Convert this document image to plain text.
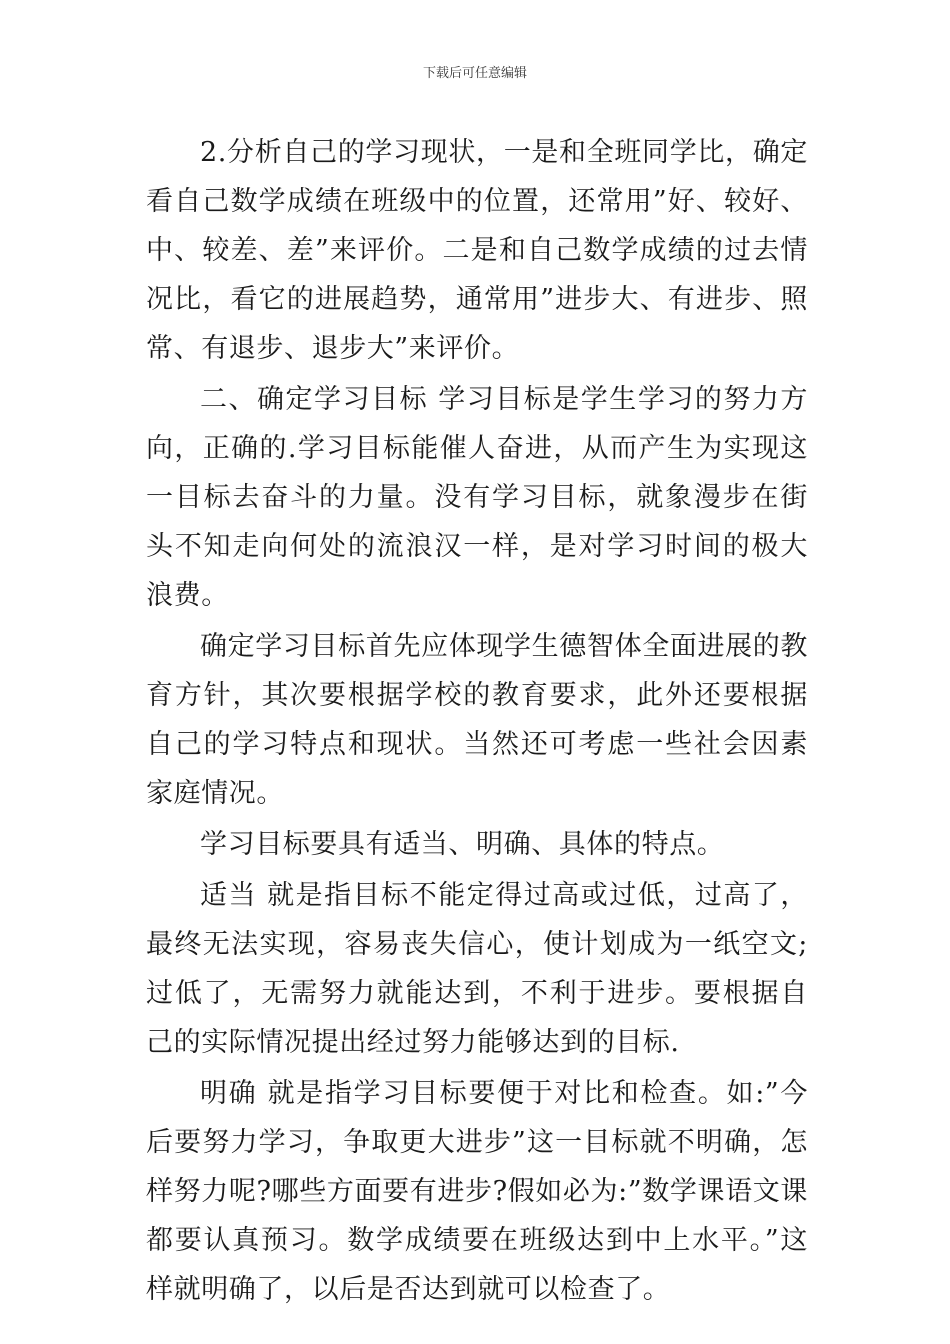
下载后可任意编辑

2.分析自己的学习现状，一是和全班同学比，确定看自己数学成绩在班级中的位置，还常用”好、较好、中、较差、差”来评价。二是和自己数学成绩的过去情况比，看它的进展趋势，通常用”进步大、有进步、照常、有退步、退步大”来评价。

二、确定学习目标 学习目标是学生学习的努力方向，正确的.学习目标能催人奋进，从而产生为实现这一目标去奋斗的力量。没有学习目标，就象漫步在街头不知走向何处的流浪汉一样，是对学习时间的极大浪费。

确定学习目标首先应体现学生德智体全面进展的教育方针，其次要根据学校的教育要求，此外还要根据自己的学习特点和现状。当然还可考虑一些社会因素家庭情况。

学习目标要具有适当、明确、具体的特点。

适当 就是指目标不能定得过高或过低，过高了，最终无法实现，容易丧失信心，使计划成为一纸空文;过低了，无需努力就能达到，不利于进步。要根据自己的实际情况提出经过努力能够达到的目标.

明确 就是指学习目标要便于对比和检查。如:”今后要努力学习，争取更大进步”这一目标就不明确，怎样努力呢?哪些方面要有进步?假如必为:”数学课语文课都要认真预习。数学成绩要在班级达到中上水平。”这样就明确了，以后是否达到就可以检查了。
